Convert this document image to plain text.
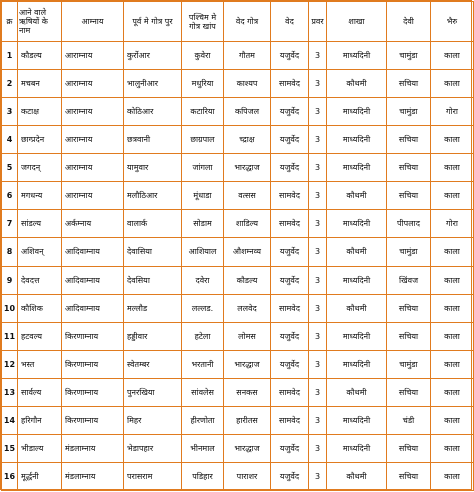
क्र	आने वाले ऋषियों के नाम	आम्नाय	पूर्व मे गोत्र पुर	पश्चिम मे गोत्र खांप	वेद गोत्र	वेद	प्रवर	शाखा	देवी	भैरु
1	कौडल्य	आराम्नाय	कुर्रोआर	कुवेरा	गौतम	यजुर्वेद	3	माध्यदिनी	चामुंडा	काला
2	मचबन	आराम्नाय	भालुनीआर	मधुरिया	काश्यप	सामवेद	3	कौथमी	सचिया	काला
3	कटाक्ष	आराम्नाय	कोठिआर	कटारिया	कपिजल	यजुर्वेद	3	माध्यदिनी	चामुंडा	गोरा
4	छाग्प्रदेन	आराम्नाय	छत्रवानी	छाग्रपाल	च्द्राक्ष	यजुर्वेद	3	माध्यदिनी	सचिया	काला
5	जगदन्	आराम्नाय	यामुवार	जांगला	भारद्धाज	यजुर्वेद	3	माध्यदिनी	सचिया	काला
6	मगधन्य	आराम्नाय	मलौठिआर	मूंधाडा	वत्सस	सामवेद	3	कौथमी	सचिया	काला
7	सांडल्य	अर्कम्नाय	वालार्क	सोडाम	शाडिल्य	सामवेद	3	माध्यदिनी	पीपलाद	गोरा
8	अशिवन्	आदिवाम्नाय	देवासिया	आशियाल	औशम्नव्य	यजुर्वेद	3	कौथमी	चामुंडा	काला
9	देवदत्त	आदिवाम्नाय	देवसिया	दवेरा	कौडल्य	यजुर्वेद	3	माध्यदिनी	खिंवज	काला
10	कौशिक	आदिवाम्नाय	मल्लौड	लल्लड.	ललवेद	सामवेद	3	कौथमी	सचिया	काला
11	हटवल्य	किरणाम्नाय	हड्डीवार	हटेला	लोमस	यजुर्वेद	3	माध्यदिनी	सचिया	काला
12	भस्त	किरणाम्नाय	स्वेतम्बर	भरतानी	भारद्धाज	यजुर्वेद	3	माध्यदिनी	चामुंडा	काला
13	सार्वल्य	किरणाम्नाय	पुनरखिया	सांवलेस	सनकस	सामवेद	3	कौथमी	सचिया	काला
14	हरिगौन	किरणाम्नाय	मिहर	हीरणोता	हारीतस	सामवेद	3	माध्यदिनी	चंडी	काला
15	भीडाल्य	मंडलाम्नाय	भेडापहार	भीनमाल	भारद्धाज	यजुर्वेद	3	माध्यदिनी	सचिया	काला
16	मूर्द्धनी	मंडलाम्नाय	परासराम	पडिहार	पाराशर	यजुर्वेद	3	कौथमी	सचिया	काला
